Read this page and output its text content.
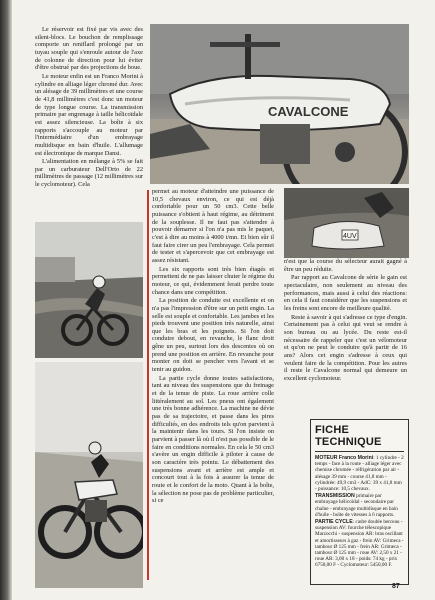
Le réservoir est fixé par vis avec des silent-blocs. Le bouchon de remplissage comporte un reniflard prolongé par un tuyau souple qui s'enroule autour de l'axe de colonne de direction pour lui éviter d'être obstrué par des projections de boue.

Le moteur enfin est un Franco Morini à cylindre en alliage léger chromé dur. Avec un alésage de 39 millimètres et une course de 41,8 millimètres c'est donc un moteur de type longue course. La transmission primaire par engrenage à taille hélicoïdale est assez silencieuse. La boîte à six rapports s'accouple au moteur par l'intermédiaire d'un embrayage multidisque en bain d'huile. L'allumage est électronique de marque Dansi.

L'alimentation en mélange à 5% se fait par un carburateur Dell'Orto de 22 millimètres de passage (12 millimètres sur le cyclomoteur). Cela

CAVALCONE
4UV

permet au moteur d'atteindre une puissance de 10,5 chevaux environ, ce qui est déjà confortable pour un 50 cm3. Cette belle puissance s'obtient à haut régime, au détriment de la souplesse. Il ne faut pas s'attendre à pouvoir démarrer si l'on n'a pas mis le paquet, c'est à dire au moins à 4000 t/mn. Et bien sûr il faut faire cirer un peu l'embrayage. Cela permet de tester et s'apercevoir que cet embrayage est assez résistant.

Les six rapports sont très bien étagés et permettent de ne pas laisser chuter le régime du moteur, ce qui, évidemment ferait perdre toute chance dans une compétition.

La position de conduite est excellente et on n'a pas l'impression d'être sur un petit engin. La selle est souple et confortable. Les jambes et les pieds trouvent une position très naturelle, ainsi que les bras et les poignets. Si l'on doit conduire debout, en revanche, le flanc droit gêne un peu, surtout lors des descentes où on prend une position en arrière. En revanche pour monter on doit se pencher vers l'avant et se tenir au guidon.

La partie cycle donne toutes satisfactions, tant au niveau des suspensions que du freinage et de la tenue de piste. La roue arrière colle littéralement au sol. Les pneus ont également une très bonne adhérence. La machine ne dévie pas de sa trajectoire, et passe dans les pires difficultés, en des endroits tels qu'on parvient à la maintenir dans les tours. Si l'on insiste on parvient à passer là où il n'est pas possible de le faire en conditions normales. En cela le 50 cm3 s'avère un engin difficile à piloter à cause de son caractère très pointu. Le débattement des suspensions avant et arrière est ample et concourt tout à la fois à assurer la tenue de route et le confort de la moto. Quant à la boîte, la sélection ne pose pas de problème particulier, si ce

n'est que la course du sélecteur aurait gagné à être un peu réduite.

Par rapport au Cavalcone de série le gain est spectaculaire, non seulement au niveau des performances, mais aussi à celui des réactions: en cela il faut considérer que les suspensions et les freins sont encore de meilleure qualité.

Reste à savoir à qui s'adresse ce type d'engin. Certainement pas à celui qui veut se rendre à son bureau ou au lycée. Du reste est-il nécessaire de rappeler que c'est un vélomoteur et qu'on ne peut le conduire qu'à partir de 16 ans? Alors cet engin s'adresse à ceux qui veulent faire de la compétition. Pour les autres il reste le Cavalcone normal qui demeure un excellent cyclomoteur.

FICHE TECHNIQUE

MOTEUR Franco Morini: 1 cylindre - 2 temps - face à la route - alliage léger avec chemise chromée - réfrigération par air - alésage 39 mm - course 41,8 mm - cylindrée: 49,9 cm3 - AdC: 39 x 41,8 mm - puissance: 10,5 chevaux.

TRANSMISSION primaire par embrayage hélicoïdal - secondaire par chaîne - embrayage multidisque en bain d'huile - boîte de vitesses à 6 rapports.

PARTIE CYCLE: cadre double berceau - suspension AV: fourche télescopique Marzocchi - suspension AR: bras oscillant et amortisseurs à gaz - frein AV: Grimeca - tambour Ø 125 mm - frein AR: Grimeca - tambour Ø 125 mm - roue AV: 2,50 x 21 - roue AR: 3,00 x 18 - poids: 74 kg - prix 6750,00 F - Cyclomoteur: 5450,00 F.

87
